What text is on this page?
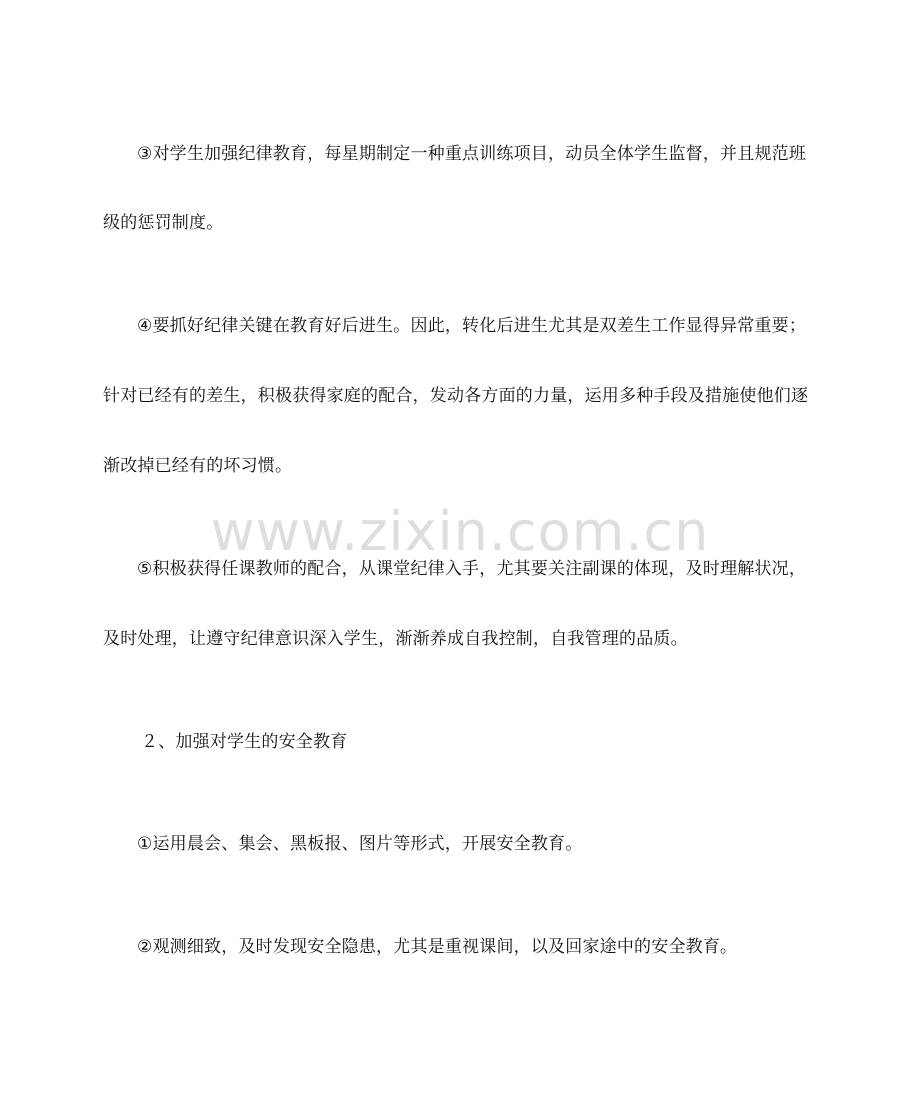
③对学生加强纪律教育，每星期制定一种重点训练项目，动员全体学生监督，并且规范班
级的惩罚制度。
④要抓好纪律关键在教育好后进生。因此，转化后进生尤其是双差生工作显得异常重要；
针对已经有的差生，积极获得家庭的配合，发动各方面的力量，运用多种手段及措施使他们逐
渐改掉已经有的坏习惯。
www.zixin.com.cn
⑤积极获得任课教师的配合，从课堂纪律入手，尤其要关注副课的体现，及时理解状况，
及时处理，让遵守纪律意识深入学生，渐渐养成自我控制，自我管理的品质。
２、加强对学生的安全教育
①运用晨会、集会、黑板报、图片等形式，开展安全教育。
②观测细致，及时发现安全隐患，尤其是重视课间，以及回家途中的安全教育。
